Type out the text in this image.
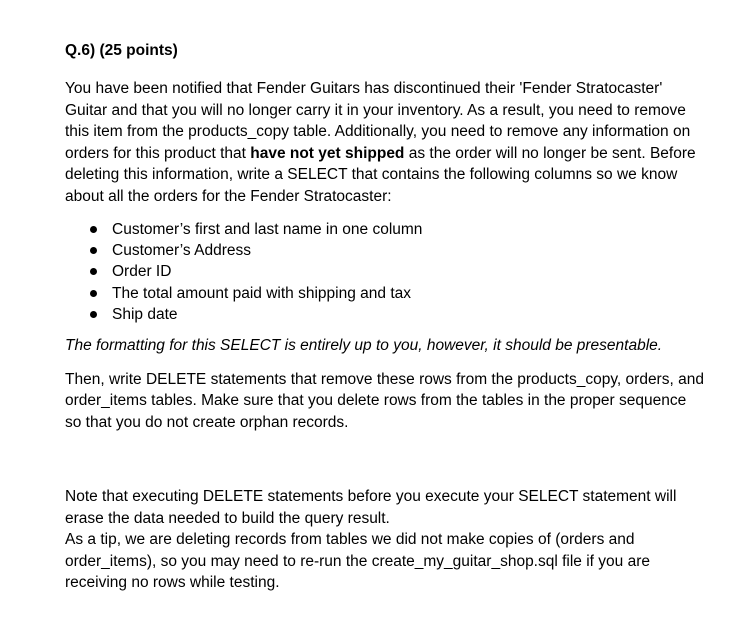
Q.6) (25 points)

You have been notified that Fender Guitars has discontinued their 'Fender Stratocaster' Guitar and that you will no longer carry it in your inventory. As a result, you need to remove this item from the products_copy table. Additionally, you need to remove any information on orders for this product that have not yet shipped as the order will no longer be sent. Before deleting this information, write a SELECT that contains the following columns so we know about all the orders for the Fender Stratocaster:

Customer’s first and last name in one column
Customer’s Address
Order ID
The total amount paid with shipping and tax
Ship date

The formatting for this SELECT is entirely up to you, however, it should be presentable.

Then, write DELETE statements that remove these rows from the products_copy, orders, and order_items tables. Make sure that you delete rows from the tables in the proper sequence so that you do not create orphan records.

Note that executing DELETE statements before you execute your SELECT statement will erase the data needed to build the query result.

As a tip, we are deleting records from tables we did not make copies of (orders and order_items), so you may need to re-run the create_my_guitar_shop.sql file if you are receiving no rows while testing.
